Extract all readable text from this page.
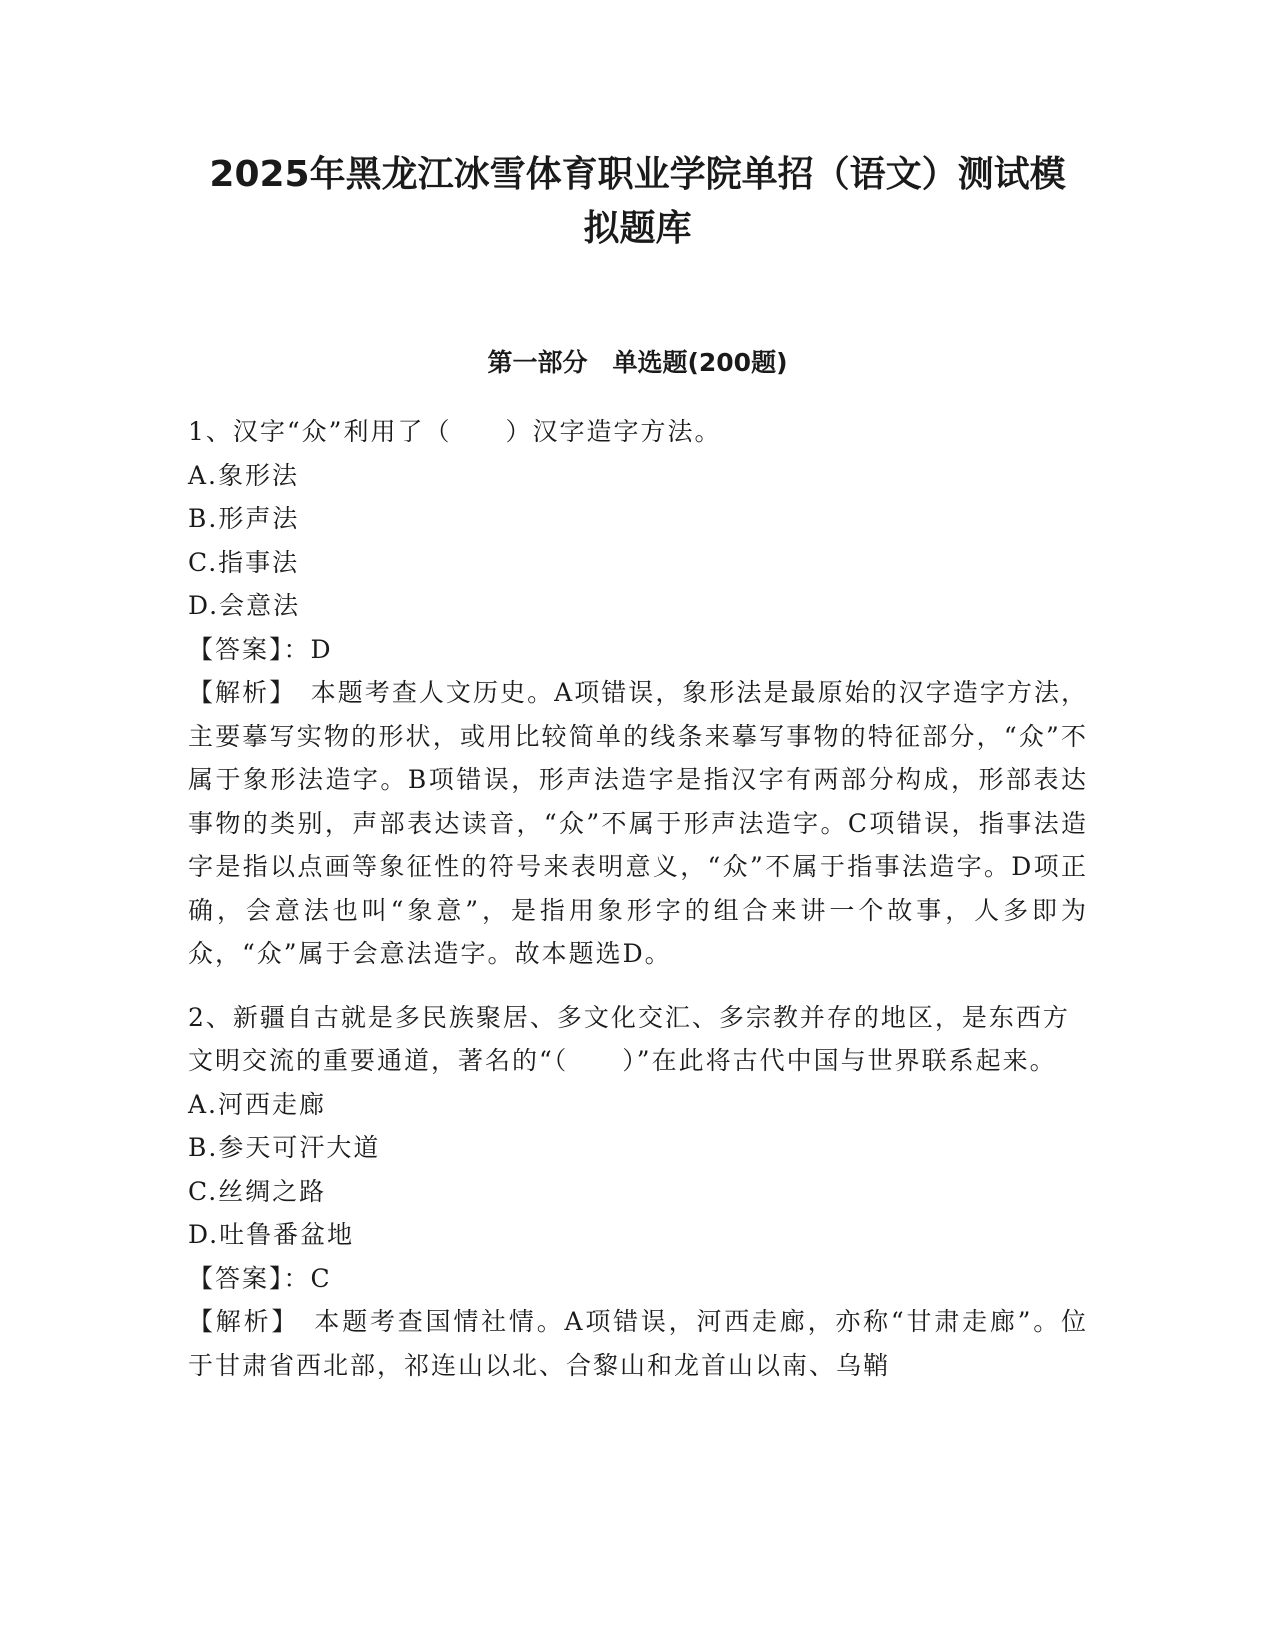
2025年黑龙江冰雪体育职业学院单招（语文）测试模
拟题库
第一部分　单选题(200题)

1、汉字“众”利用了（　　）汉字造字方法。

A.象形法

B.形声法

C.指事法

D.会意法

【答案】：D

【解析】　本题考查人文历史。A项错误，象形法是最原始的汉字造字方法，主要摹写实物的形状，或用比较简单的线条来摹写事物的特征部分，“众”不属于象形法造字。B项错误，形声法造字是指汉字有两部分构成，形部表达事物的类别，声部表达读音，“众”不属于形声法造字。C项错误，指事法造字是指以点画等象征性的符号来表明意义，“众”不属于指事法造字。D项正确，会意法也叫“象意”，是指用象形字的组合来讲一个故事，人多即为众，“众”属于会意法造字。故本题选D。

2、新疆自古就是多民族聚居、多文化交汇、多宗教并存的地区，是东西方文明交流的重要通道，著名的“（　　）”在此将古代中国与世界联系起来。

A.河西走廊

B.参天可汗大道

C.丝绸之路

D.吐鲁番盆地

【答案】：C

【解析】　本题考查国情社情。A项错误，河西走廊，亦称“甘肃走廊”。位于甘肃省西北部，祁连山以北、合黎山和龙首山以南、乌鞘
